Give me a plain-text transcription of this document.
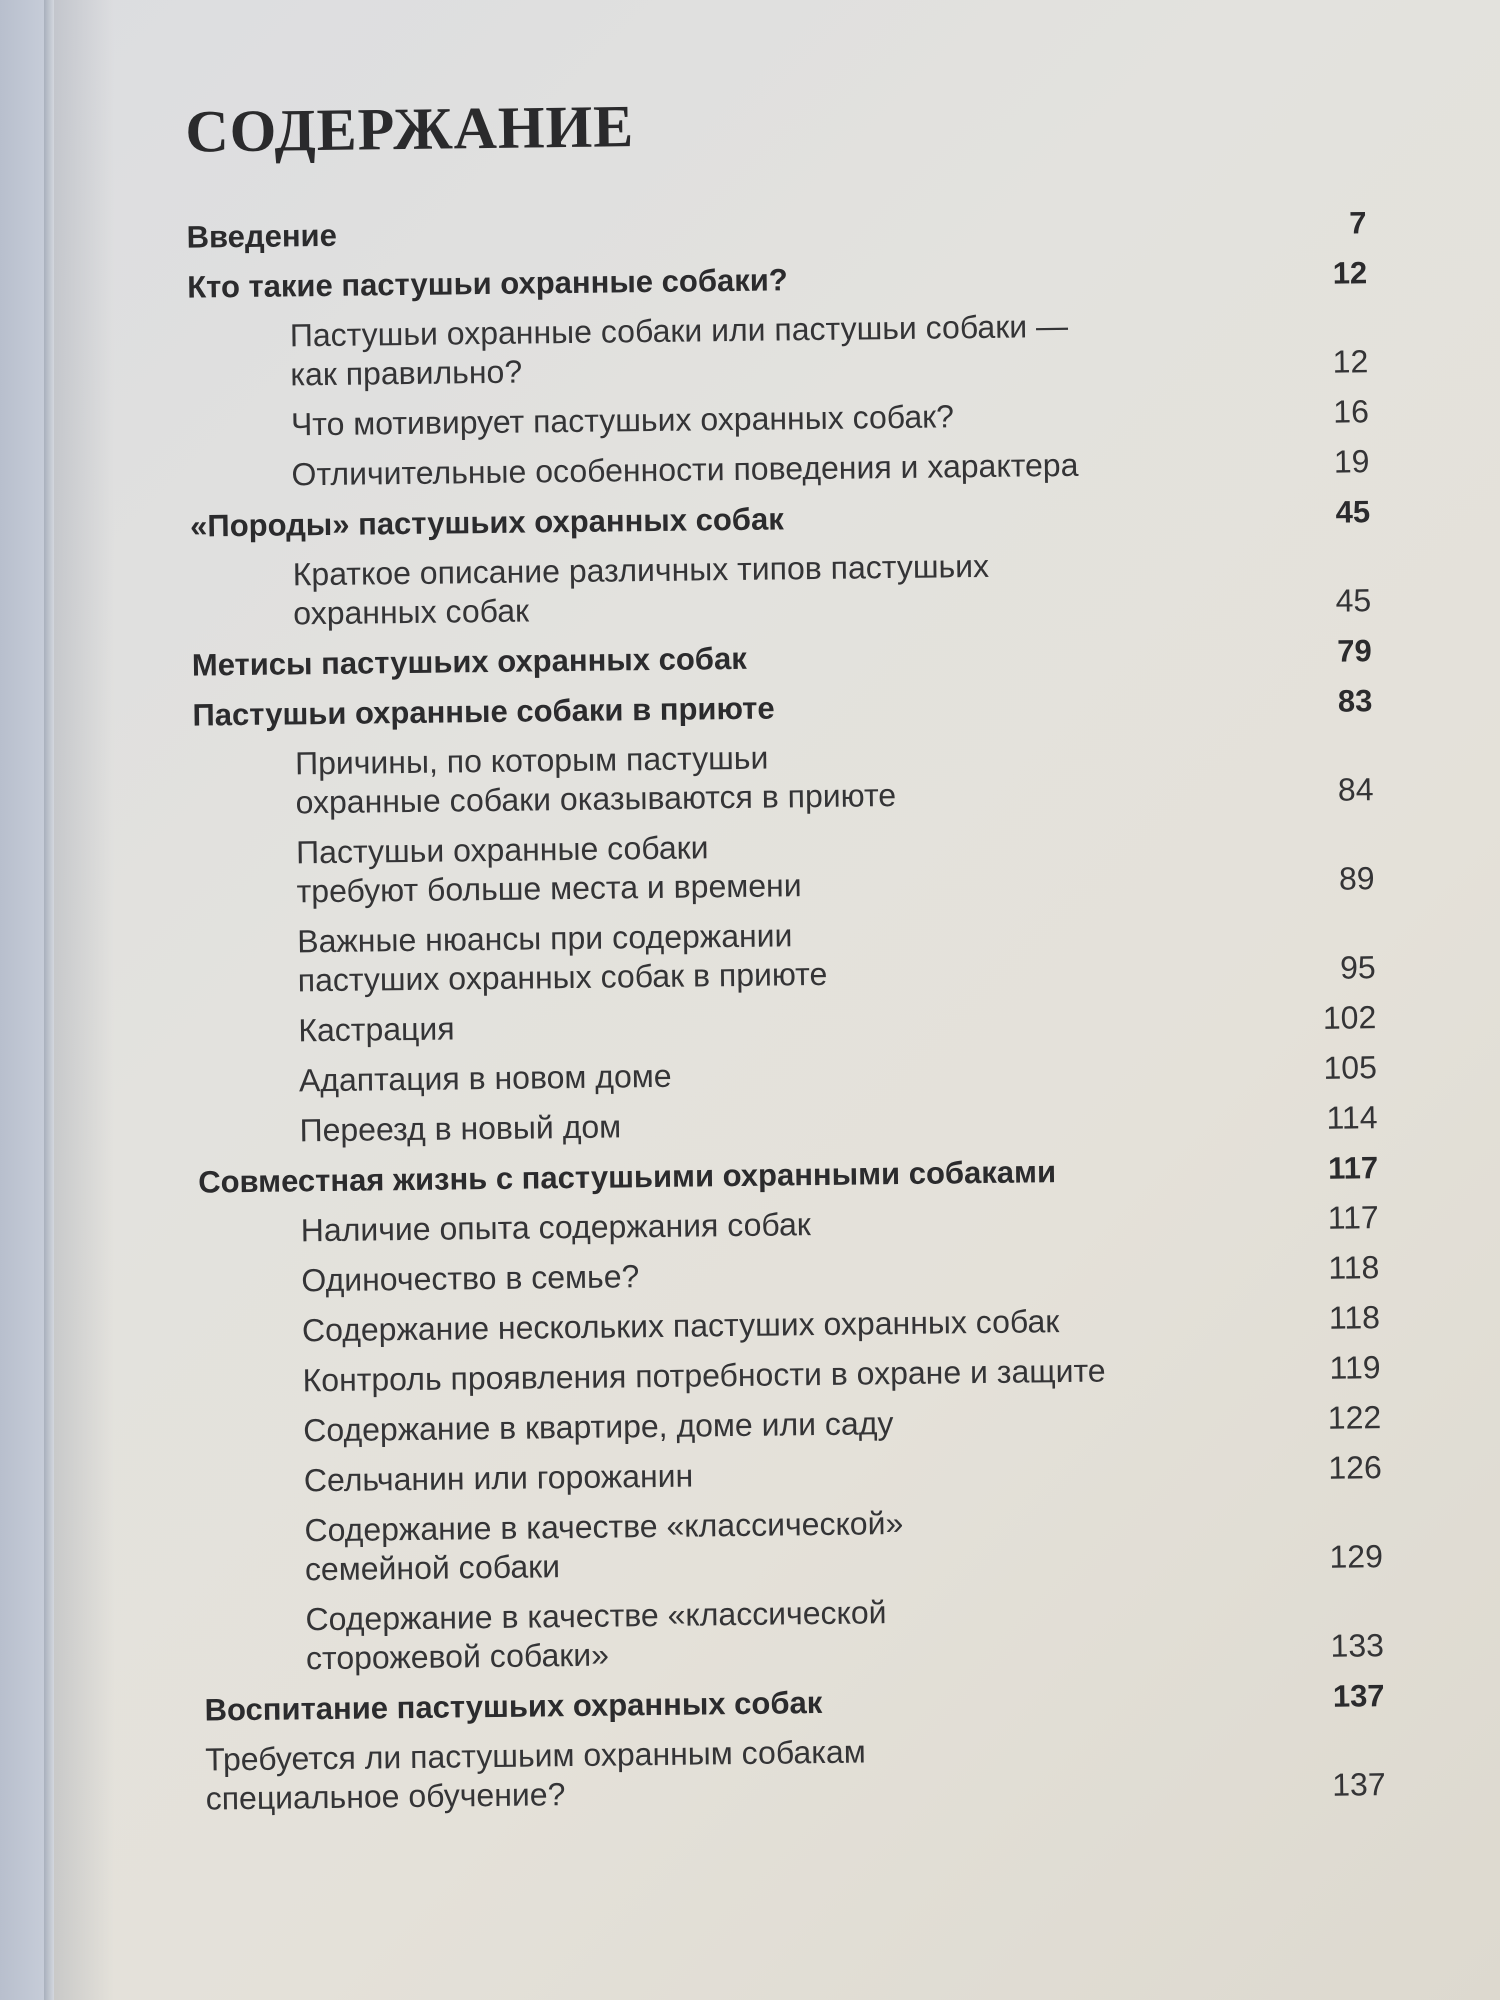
СОДЕРЖАНИЕ
Введение	7
Кто такие пастушьи охранные собаки?	12
Пастушьи охранные собаки или пастушьи собаки —
как правильно?	12
Что мотивирует пастушьих охранных собак?	16
Отличительные особенности поведения и характера	19
«Породы» пастушьих охранных собак	45
Краткое описание различных типов пастушьих
охранных собак	45
Метисы пастушьих охранных собак	79
Пастушьи охранные собаки в приюте	83
Причины, по которым пастушьи
охранные собаки оказываются в приюте	84
Пастушьи охранные собаки
требуют больше места и времени	89
Важные нюансы при содержании
пастуших охранных собак в приюте	95
Кастрация	102
Адаптация в новом доме	105
Переезд в новый дом	114
Совместная жизнь с пастушьими охранными собаками	117
Наличие опыта содержания собак	117
Одиночество в семье?	118
Содержание нескольких пастуших охранных собак	118
Контроль проявления потребности в охране и защите	119
Содержание в квартире, доме или саду	122
Сельчанин или горожанин	126
Содержание в качестве «классической»
семейной собаки	129
Содержание в качестве «классической
сторожевой собаки»	133
Воспитание пастушьих охранных собак	137
Требуется ли пастушьим охранным собакам
специальное обучение?	137
